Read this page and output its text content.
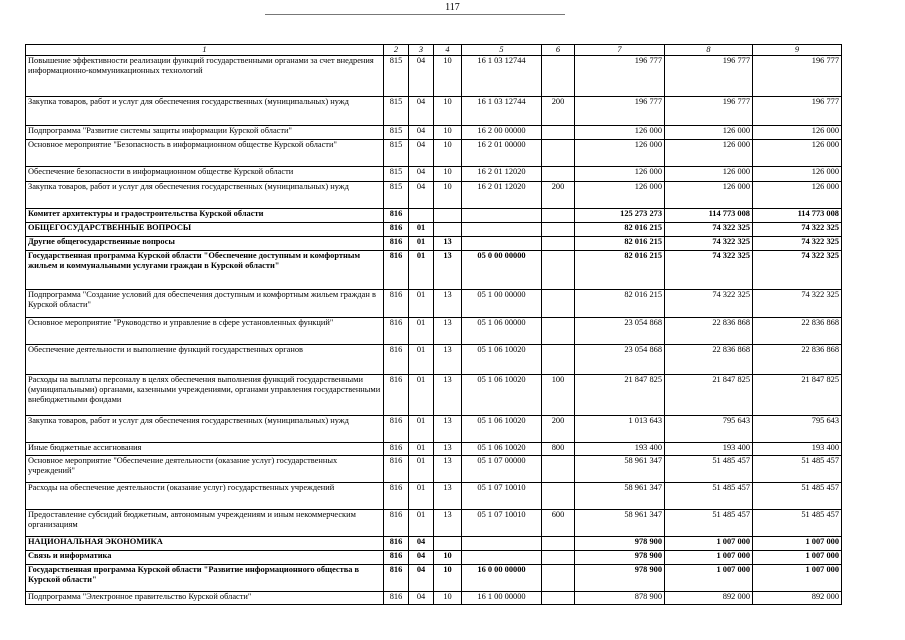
117
1	2	3	4	5	6	7	8	9
Повышение эффективности реализации функций государственными органами за счет внедрения информационно-коммуникационных технологий	815	04	10	16 1 03 12744		196 777	196 777	196 777
Закупка товаров, работ и услуг для обеспечения государственных (муниципальных) нужд	815	04	10	16 1 03 12744	200	196 777	196 777	196 777
Подпрограмма "Развитие системы защиты информации Курской области"	815	04	10	16 2 00 00000		126 000	126 000	126 000
Основное мероприятие "Безопасность в информационном обществе Курской области"	815	04	10	16 2 01 00000		126 000	126 000	126 000
Обеспечение безопасности в информационном обществе Курской области	815	04	10	16 2 01 12020		126 000	126 000	126 000
Закупка товаров, работ и услуг для обеспечения государственных (муниципальных) нужд	815	04	10	16 2 01 12020	200	126 000	126 000	126 000
Комитет архитектуры и градостроительства Курской области	816					125 273 273	114 773 008	114 773 008
ОБЩЕГОСУДАРСТВЕННЫЕ ВОПРОСЫ	816	01				82 016 215	74 322 325	74 322 325
Другие общегосударственные вопросы	816	01	13			82 016 215	74 322 325	74 322 325
Государственная программа Курской области "Обеспечение доступным и комфортным жильем и коммунальными услугами граждан в Курской области"	816	01	13	05 0 00 00000		82 016 215	74 322 325	74 322 325
Подпрограмма "Создание условий для обеспечения доступным и комфортным жильем граждан в Курской области"	816	01	13	05 1 00 00000		82 016 215	74 322 325	74 322 325
Основное мероприятие "Руководство и управление в сфере установленных функций"	816	01	13	05 1 06 00000		23 054 868	22 836 868	22 836 868
Обеспечение деятельности и выполнение функций государственных органов	816	01	13	05 1 06 10020		23 054 868	22 836 868	22 836 868
Расходы на выплаты персоналу в целях обеспечения выполнения функций государственными (муниципальными) органами, казенными учреждениями, органами управления государственными внебюджетными фондами	816	01	13	05 1 06 10020	100	21 847 825	21 847 825	21 847 825
Закупка товаров, работ и услуг для обеспечения государственных (муниципальных) нужд	816	01	13	05 1 06 10020	200	1 013 643	795 643	795 643
Иные бюджетные ассигнования	816	01	13	05 1 06 10020	800	193 400	193 400	193 400
Основное мероприятие "Обеспечение деятельности (оказание услуг) государственных учреждений"	816	01	13	05 1 07 00000		58 961 347	51 485 457	51 485 457
Расходы на обеспечение деятельности (оказание услуг) государственных учреждений	816	01	13	05 1 07 10010		58 961 347	51 485 457	51 485 457
Предоставление субсидий бюджетным, автономным учреждениям и иным некоммерческим организациям	816	01	13	05 1 07 10010	600	58 961 347	51 485 457	51 485 457
НАЦИОНАЛЬНАЯ ЭКОНОМИКА	816	04				978 900	1 007 000	1 007 000
Связь и информатика	816	04	10			978 900	1 007 000	1 007 000
Государственная программа Курской области "Развитие информационного общества в Курской области"	816	04	10	16 0 00 00000		978 900	1 007 000	1 007 000
Подпрограмма "Электронное правительство Курской области"	816	04	10	16 1 00 00000		878 900	892 000	892 000
